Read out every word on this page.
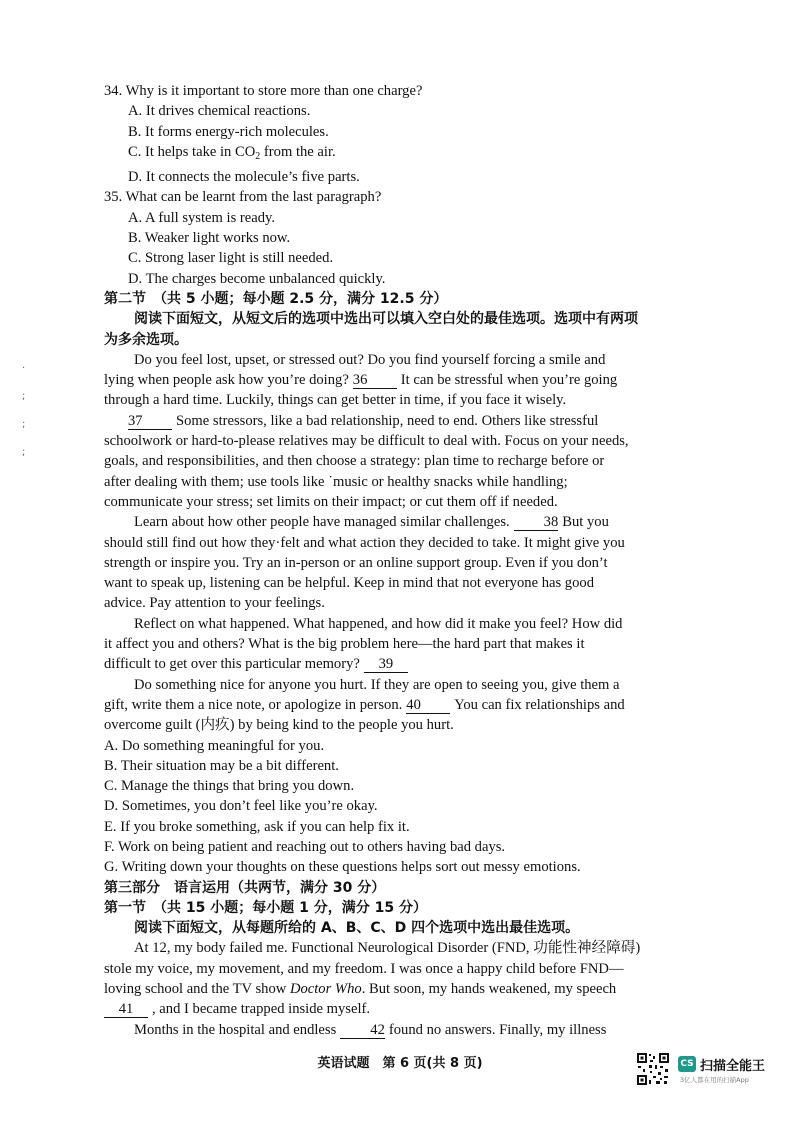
·
;
;
;
34. Why is it important to store more than one charge?
A. It drives chemical reactions.
B. It forms energy-rich molecules.
C. It helps take in $CO_2$ from the air.
D. It connects the molecule’s five parts.
35. What can be learnt from the last paragraph?
A. A full system is ready.
B. Weaker light works now.
C. Strong laser light is still needed.
D. The charges become unbalanced quickly.
第二节　（共 5 小题；每小题 2.5 分，满分 12.5 分）
阅读下面短文，从短文后的选项中选出可以填入空白处的最佳选项。选项中有两项
为多余选项。
Do you feel lost, upset, or stressed out? Do you find yourself forcing a smile and
lying when people ask how you’re doing? 36 It can be stressful when you’re going
through a hard time. Luckily, things can get better in time, if you face it wisely.
37 Some stressors, like a bad relationship, need to end. Others like stressful
schoolwork or hard-to-please relatives may be difficult to deal with. Focus on your needs,
goals, and responsibilities, and then choose a strategy: plan time to recharge before or
after dealing with them; use tools like ˙music or healthy snacks while handling;
communicate your stress; set limits on their impact; or cut them off if needed.
Learn about how other people have managed similar challenges. 38 But you
should still find out how they·felt and what action they decided to take. It might give you
strength or inspire you. Try an in-person or an online support group. Even if you don’t
want to speak up, listening can be helpful. Keep in mind that not everyone has good
advice. Pay attention to your feelings.
Reflect on what happened. What happened, and how did it make you feel? How did
it affect you and others? What is the big problem here—the hard part that makes it
difficult to get over this particular memory? 39
Do something nice for anyone you hurt. If they are open to seeing you, give them a
gift, write them a nice note, or apologize in person. 40 You can fix relationships and
overcome guilt (内疚) by being kind to the people you hurt.
A. Do something meaningful for you.
B. Their situation may be a bit different.
C. Manage the things that bring you down.
D. Sometimes, you don’t feel like you’re okay.
E. If you broke something, ask if you can help fix it.
F. Work on being patient and reaching out to others having bad days.
G. Writing down your thoughts on these questions helps sort out messy emotions.
第三部分　语言运用（共两节，满分 30 分）
第一节　（共 15 小题；每小题 1 分，满分 15 分）
阅读下面短文，从每题所给的 A、B、C、D 四个选项中选出最佳选项。
At 12, my body failed me. Functional Neurological Disorder (FND, 功能性神经障碍)
stole my voice, my movement, and my freedom. I was once a happy child before FND—
loving school and the TV show Doctor Who. But soon, my hands weakened, my speech
41 , and I became trapped inside myself.
Months in the hospital and endless 42 found no answers. Finally, my illness
英语试题　第 6 页(共 8 页)	CS 扫描全能王
3亿人都在用的扫描App
